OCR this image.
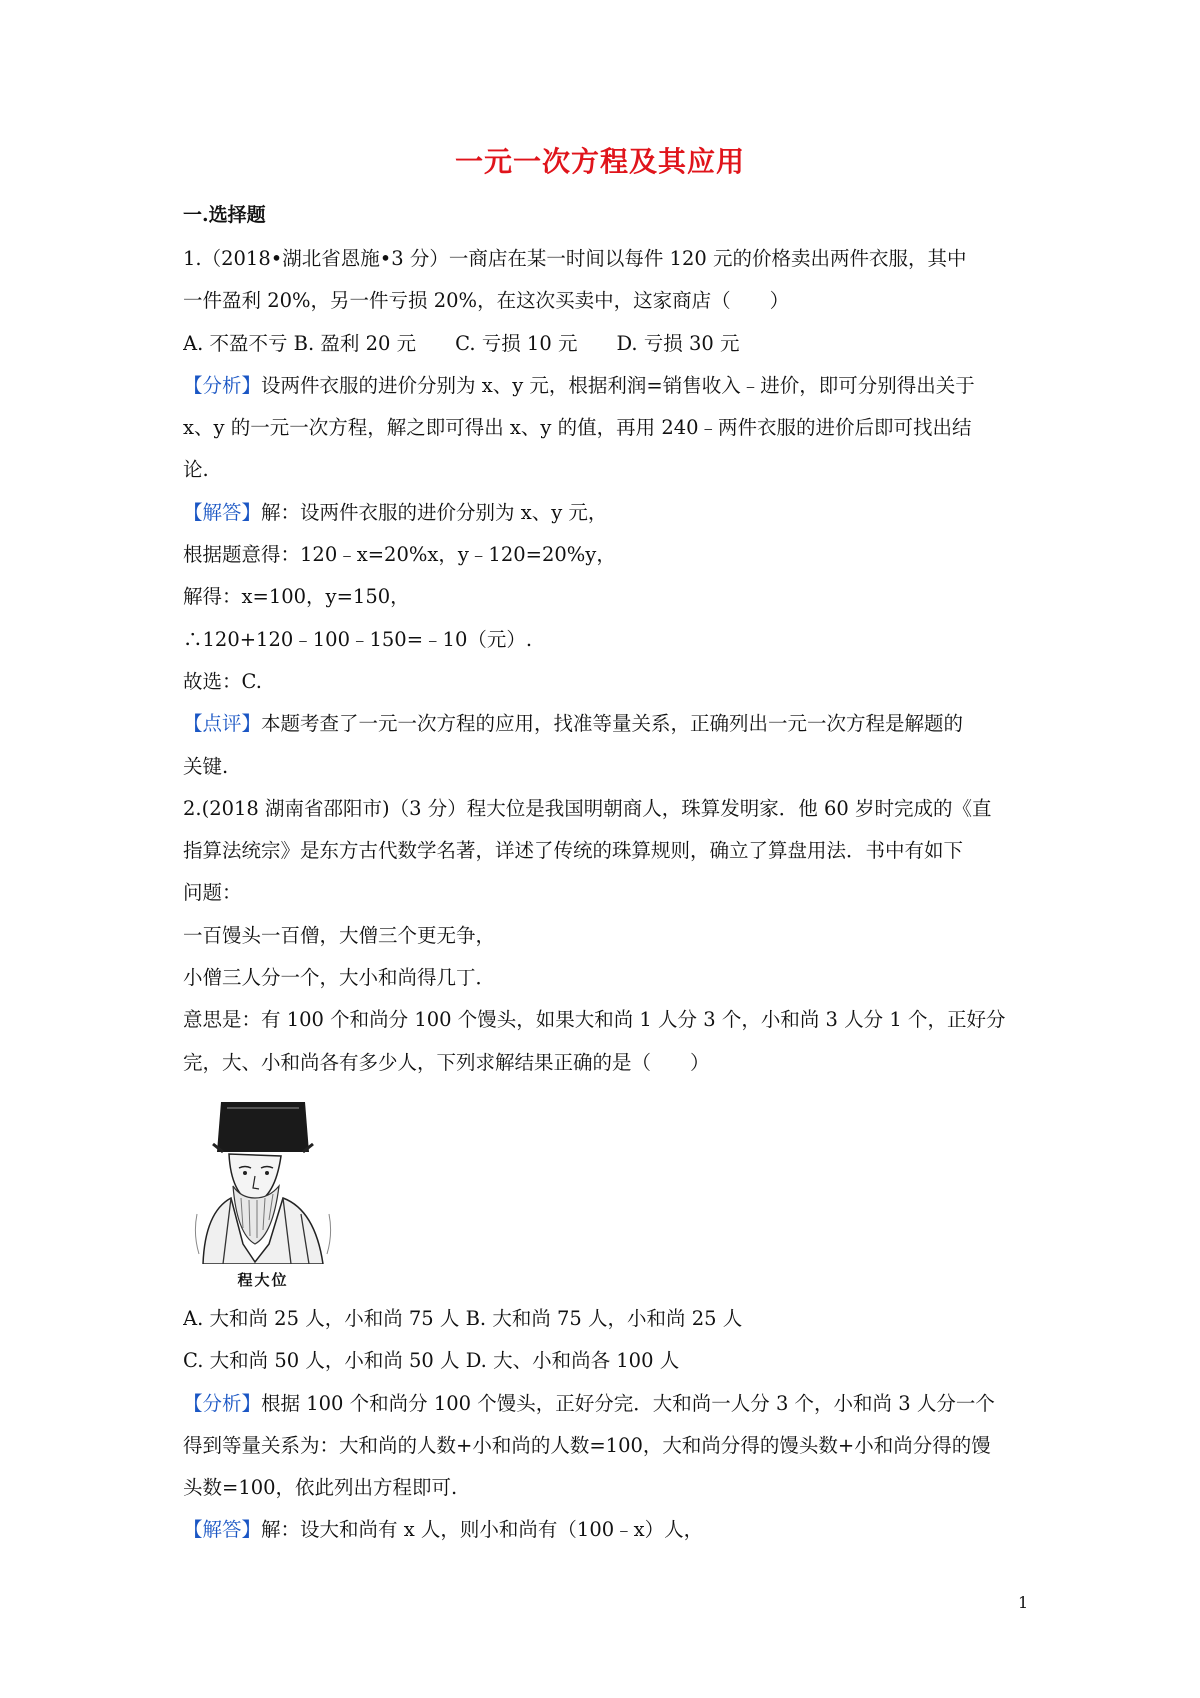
一元一次方程及其应用
一.选择题
1.（2018•湖北省恩施•3 分）一商店在某一时间以每件 120 元的价格卖出两件衣服，其中
一件盈利 20%，另一件亏损 20%，在这次买卖中，这家商店（　　）
A. 不盈不亏 B. 盈利 20 元　　C. 亏损 10 元　　D. 亏损 30 元
【分析】设两件衣服的进价分别为 x、y 元，根据利润=销售收入﹣进价，即可分别得出关于
x、y 的一元一次方程，解之即可得出 x、y 的值，再用 240﹣两件衣服的进价后即可找出结
论.
【解答】解：设两件衣服的进价分别为 x、y 元，
根据题意得：120﹣x=20%x，y﹣120=20%y，
解得：x=100，y=150，
∴120+120﹣100﹣150=﹣10（元）.
故选：C.
【点评】本题考查了一元一次方程的应用，找准等量关系，正确列出一元一次方程是解题的
关键.
2.(2018 湖南省邵阳市)（3 分）程大位是我国明朝商人，珠算发明家．他 60 岁时完成的《直
指算法统宗》是东方古代数学名著，详述了传统的珠算规则，确立了算盘用法．书中有如下
问题：
一百馒头一百僧，大僧三个更无争，
小僧三人分一个，大小和尚得几丁．
意思是：有 100 个和尚分 100 个馒头，如果大和尚 1 人分 3 个，小和尚 3 人分 1 个，正好分
完，大、小和尚各有多少人，下列求解结果正确的是（　　）
程大位
A. 大和尚 25 人，小和尚 75 人 B. 大和尚 75 人，小和尚 25 人
C. 大和尚 50 人，小和尚 50 人 D. 大、小和尚各 100 人
【分析】根据 100 个和尚分 100 个馒头，正好分完．大和尚一人分 3 个，小和尚 3 人分一个
得到等量关系为：大和尚的人数+小和尚的人数=100，大和尚分得的馒头数+小和尚分得的馒
头数=100，依此列出方程即可.
【解答】解：设大和尚有 x 人，则小和尚有（100﹣x）人，
1
